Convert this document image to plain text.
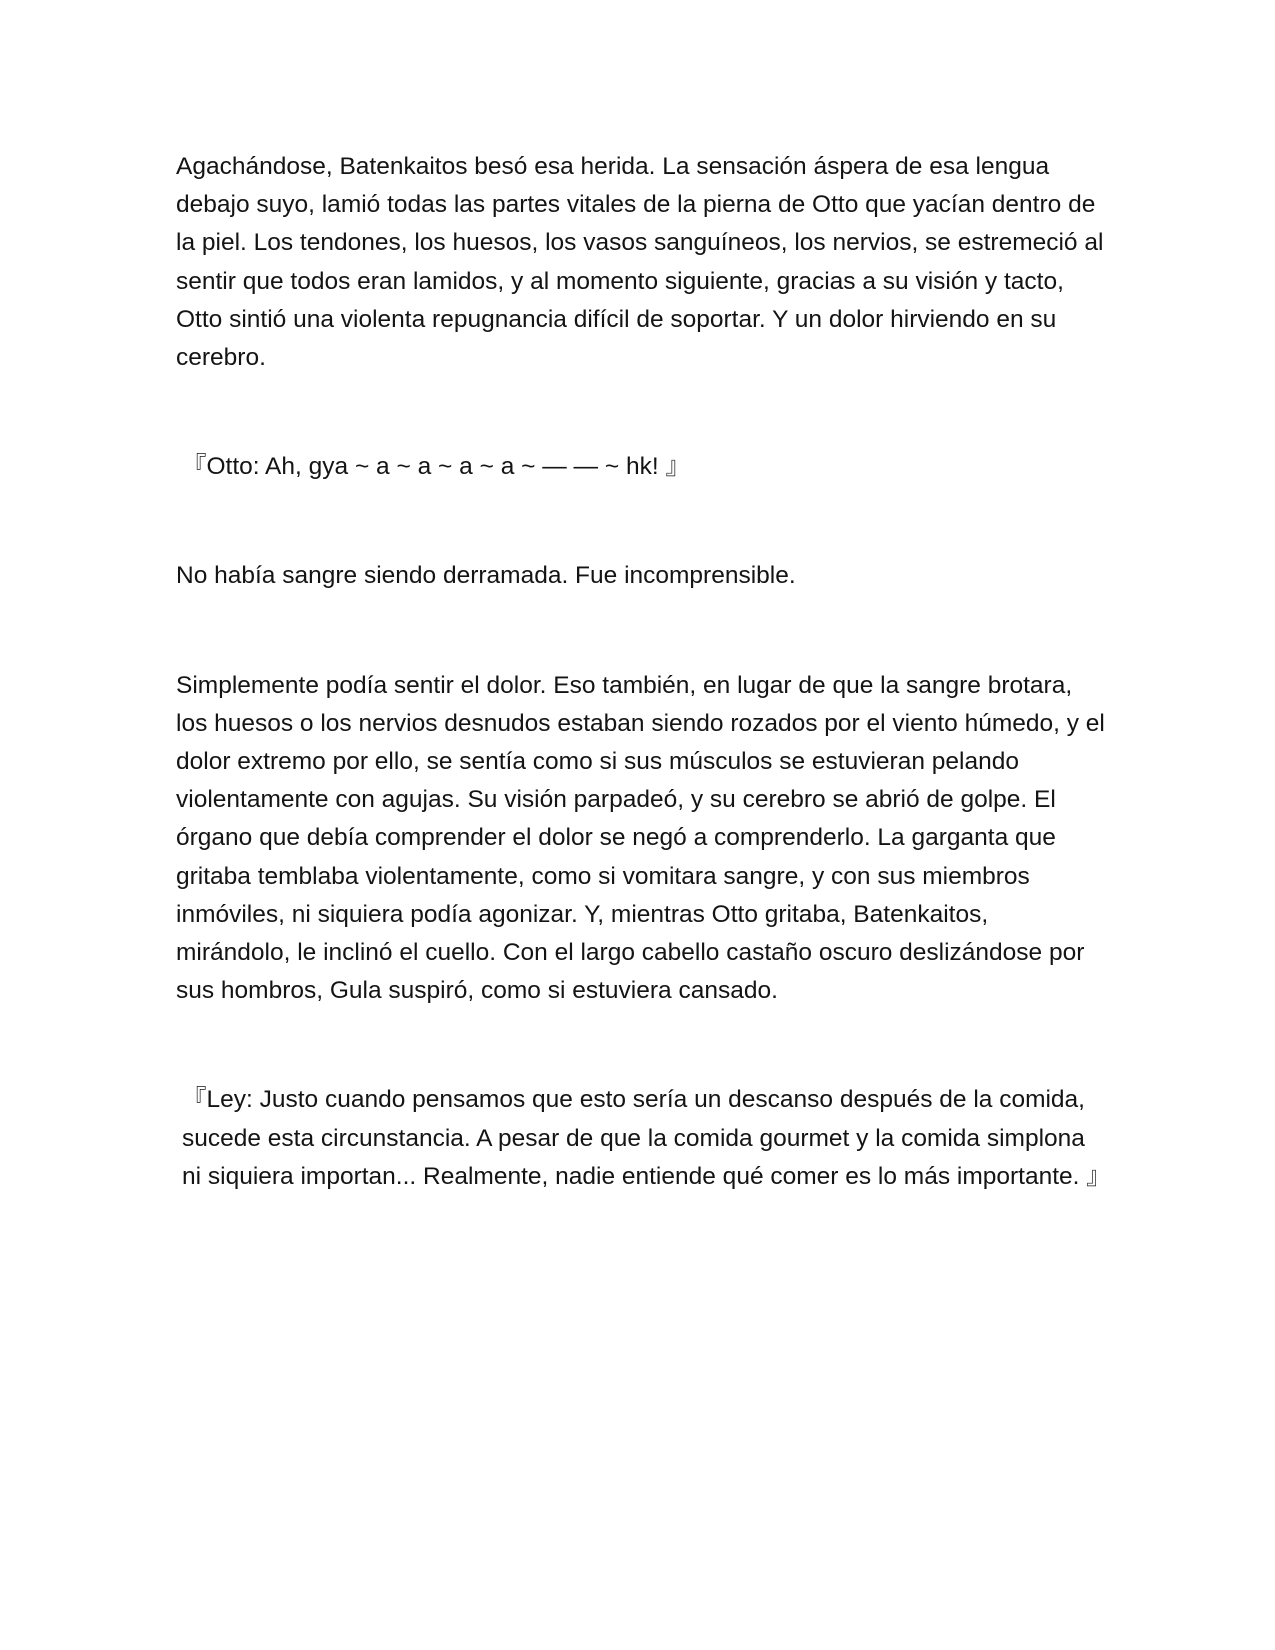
Agachándose, Batenkaitos besó esa herida. La sensación áspera de esa lengua debajo suyo, lamió todas las partes vitales de la pierna de Otto que yacían dentro de la piel. Los tendones, los huesos, los vasos sanguíneos, los nervios, se estremeció al sentir que todos eran lamidos, y al momento siguiente, gracias a su visión y tacto, Otto sintió una violenta repugnancia difícil de soportar. Y un dolor hirviendo en su cerebro.

『Otto: Ah, gya ~ a ~ a ~ a ~ a ~ ― ― ~ hk! 』

No había sangre siendo derramada. Fue incomprensible.

Simplemente podía sentir el dolor. Eso también, en lugar de que la sangre brotara, los huesos o los nervios desnudos estaban siendo rozados por el viento húmedo, y el dolor extremo por ello, se sentía como si sus músculos se estuvieran pelando violentamente con agujas. Su visión parpadeó, y su cerebro se abrió de golpe. El órgano que debía comprender el dolor se negó a comprenderlo. La garganta que gritaba temblaba violentamente, como si vomitara sangre, y con sus miembros inmóviles, ni siquiera podía agonizar. Y, mientras Otto gritaba, Batenkaitos, mirándolo, le inclinó el cuello. Con el largo cabello castaño oscuro deslizándose por sus hombros, Gula suspiró, como si estuviera cansado.

『Ley: Justo cuando pensamos que esto sería un descanso después de la comida, sucede esta circunstancia. A pesar de que la comida gourmet y la comida simplona ni siquiera importan... Realmente, nadie entiende qué comer es lo más importante. 』
